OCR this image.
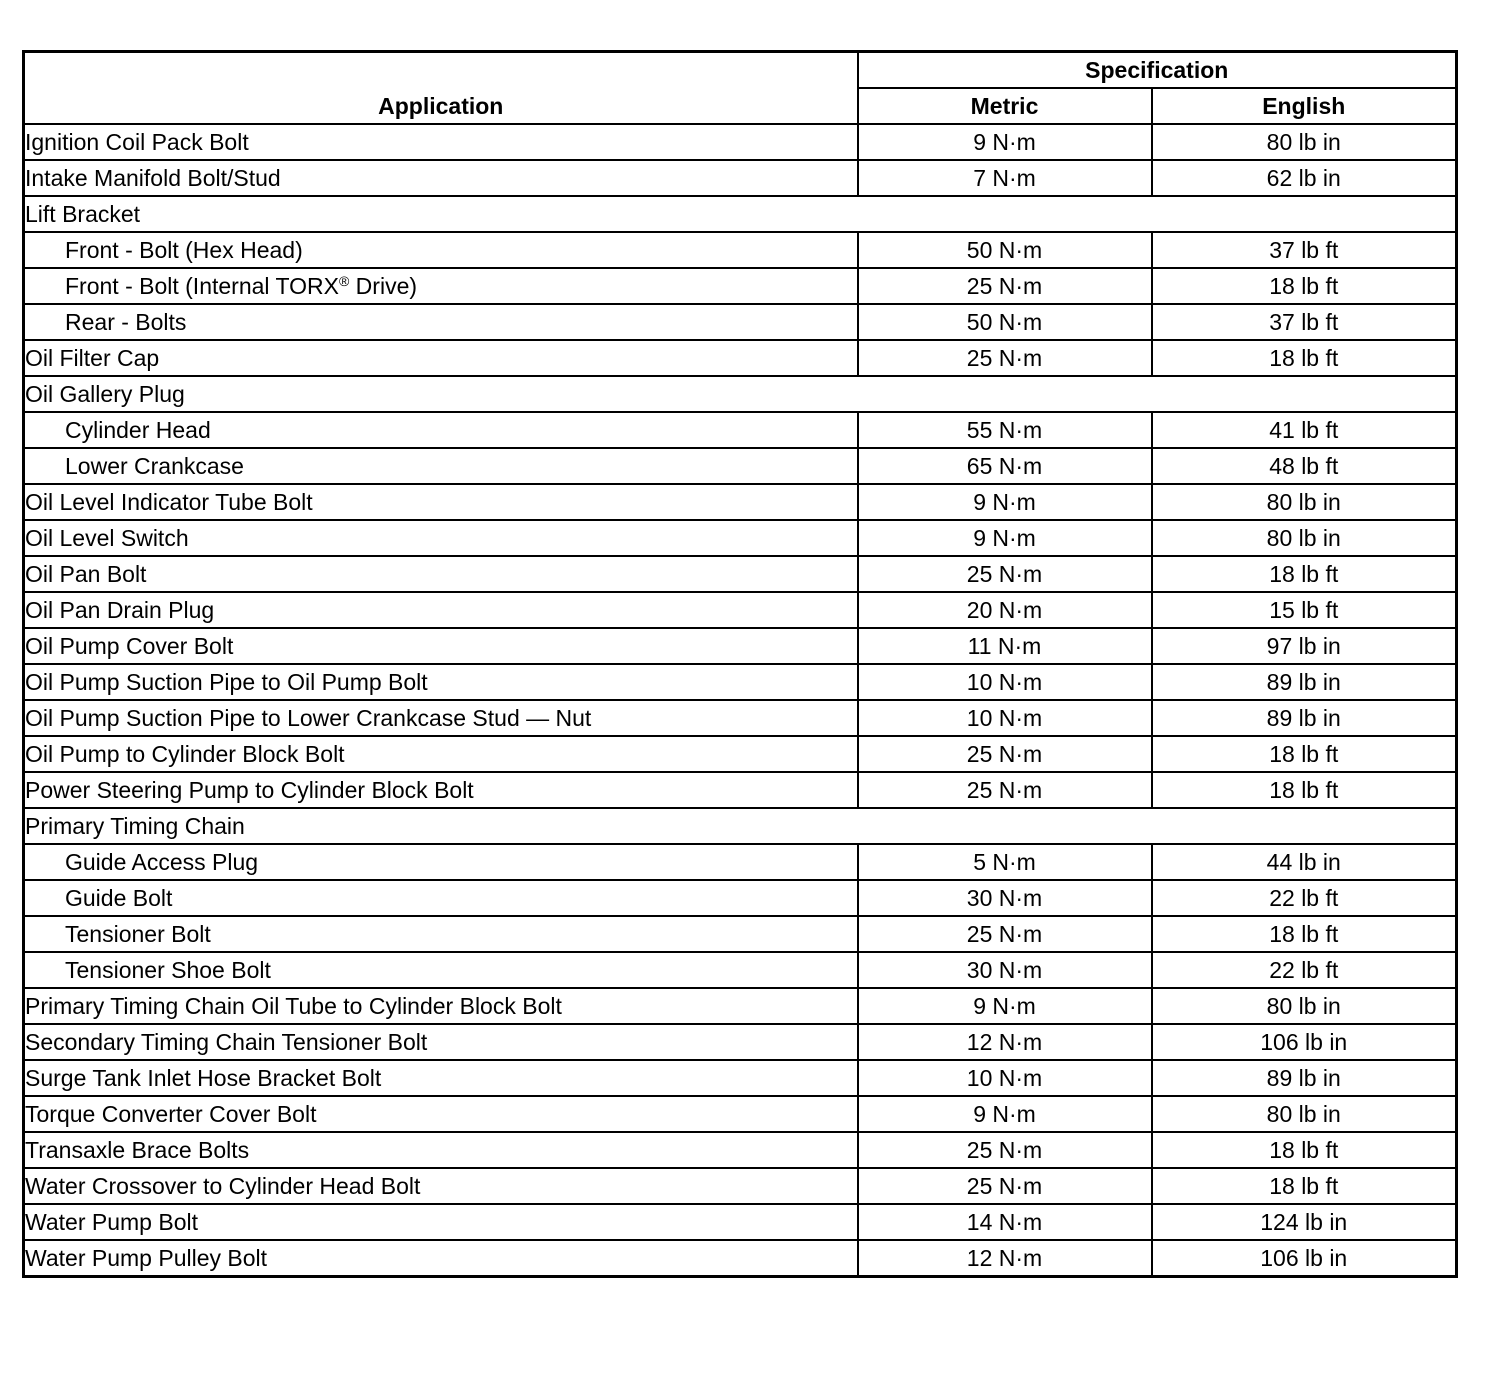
Application	Specification	
	Metric	English
Ignition Coil Pack Bolt	9 N·m	80 lb in
Intake Manifold Bolt/Stud	7 N·m	62 lb in
Lift Bracket		
Front - Bolt (Hex Head)	50 N·m	37 lb ft
Front - Bolt (Internal TORX® Drive)	25 N·m	18 lb ft
Rear - Bolts	50 N·m	37 lb ft
Oil Filter Cap	25 N·m	18 lb ft
Oil Gallery Plug		
Cylinder Head	55 N·m	41 lb ft
Lower Crankcase	65 N·m	48 lb ft
Oil Level Indicator Tube Bolt	9 N·m	80 lb in
Oil Level Switch	9 N·m	80 lb in
Oil Pan Bolt	25 N·m	18 lb ft
Oil Pan Drain Plug	20 N·m	15 lb ft
Oil Pump Cover Bolt	11 N·m	97 lb in
Oil Pump Suction Pipe to Oil Pump Bolt	10 N·m	89 lb in
Oil Pump Suction Pipe to Lower Crankcase Stud — Nut	10 N·m	89 lb in
Oil Pump to Cylinder Block Bolt	25 N·m	18 lb ft
Power Steering Pump to Cylinder Block Bolt	25 N·m	18 lb ft
Primary Timing Chain		
Guide Access Plug	5 N·m	44 lb in
Guide Bolt	30 N·m	22 lb ft
Tensioner Bolt	25 N·m	18 lb ft
Tensioner Shoe Bolt	30 N·m	22 lb ft
Primary Timing Chain Oil Tube to Cylinder Block Bolt	9 N·m	80 lb in
Secondary Timing Chain Tensioner Bolt	12 N·m	106 lb in
Surge Tank Inlet Hose Bracket Bolt	10 N·m	89 lb in
Torque Converter Cover Bolt	9 N·m	80 lb in
Transaxle Brace Bolts	25 N·m	18 lb ft
Water Crossover to Cylinder Head Bolt	25 N·m	18 lb ft
Water Pump Bolt	14 N·m	124 lb in
Water Pump Pulley Bolt	12 N·m	106 lb in
